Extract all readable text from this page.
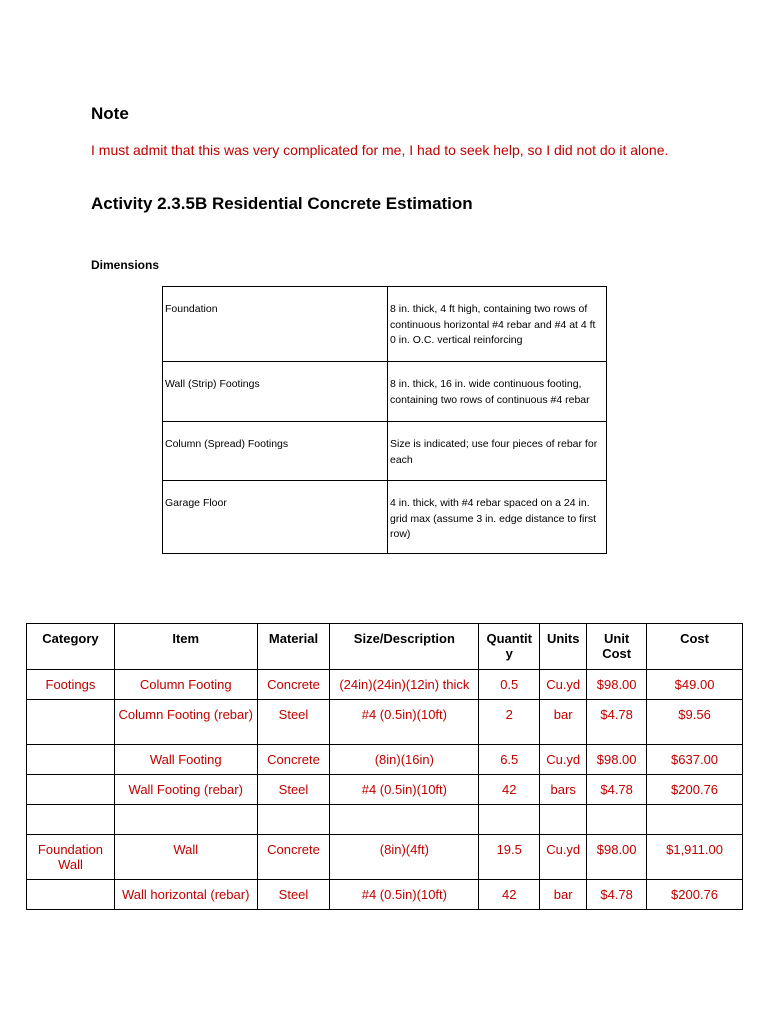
Note
I must admit that this was very complicated for me, I had to seek help, so I did not do it alone.
Activity 2.3.5B Residential Concrete Estimation
Dimensions
Foundation	8 in. thick, 4 ft high, containing two rows of continuous horizontal #4 rebar and #4 at 4 ft 0 in. O.C. vertical reinforcing
Wall (Strip) Footings	8 in. thick, 16 in. wide continuous footing, containing two rows of continuous #4 rebar
Column (Spread) Footings	Size is indicated; use four pieces of rebar for each
Garage Floor	4 in. thick, with #4 rebar spaced on a 24 in. grid max (assume 3 in. edge distance to first row)
Category	Item	Material	Size/Description	Quantit y	Units	Unit Cost	Cost
Footings	Column Footing	Concrete	(24in)(24in)(12in) thick	0.5	Cu.yd	$98.00	$49.00
	Column Footing (rebar)	Steel	#4 (0.5in)(10ft)	2	bar	$4.78	$9.56
	Wall Footing	Concrete	(8in)(16in)	6.5	Cu.yd	$98.00	$637.00
	Wall Footing (rebar)	Steel	#4 (0.5in)(10ft)	42	bars	$4.78	$200.76

Foundation Wall	Wall	Concrete	(8in)(4ft)	19.5	Cu.yd	$98.00	$1,911.00
	Wall horizontal (rebar)	Steel	#4 (0.5in)(10ft)	42	bar	$4.78	$200.76
